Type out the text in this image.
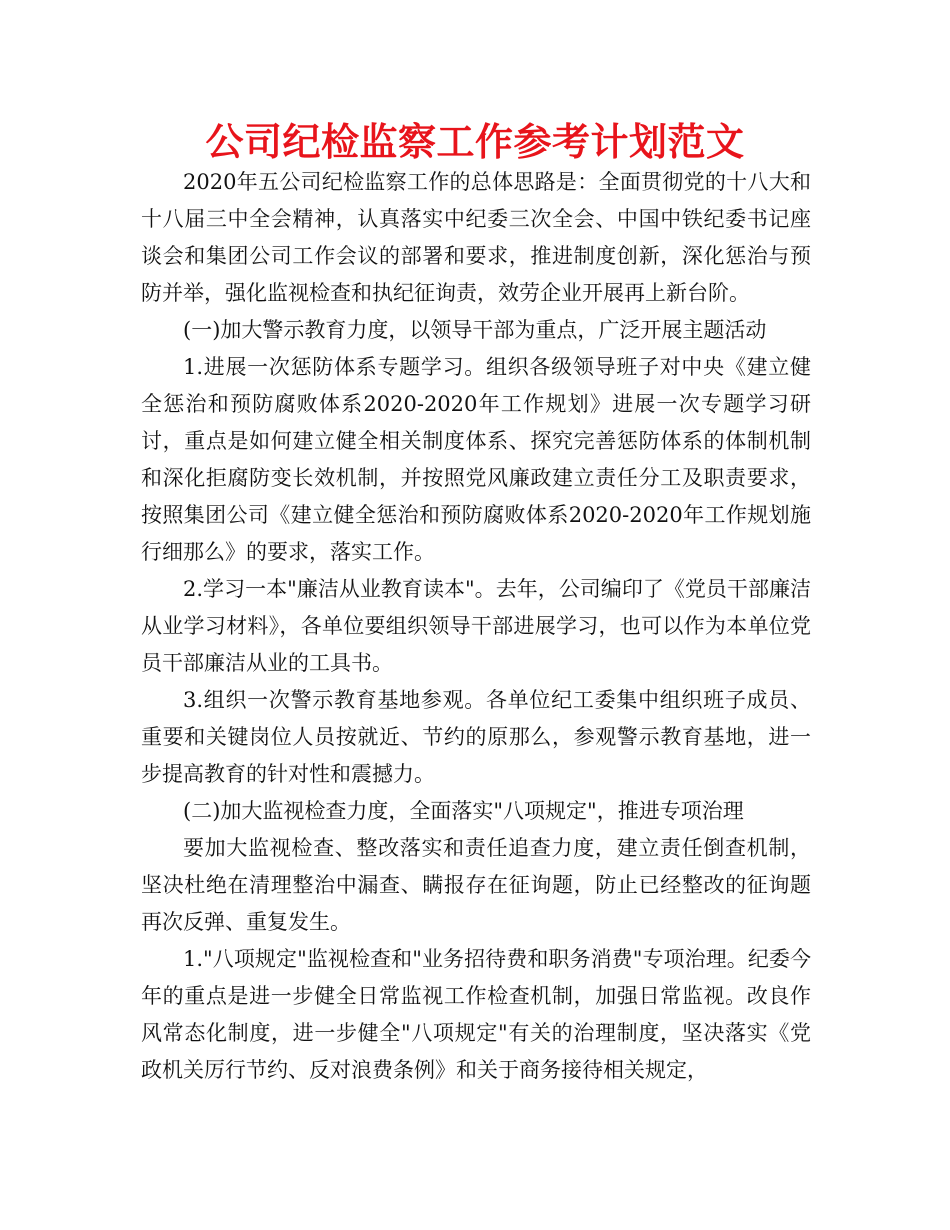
公司纪检监察工作参考计划范文

2020年五公司纪检监察工作的总体思路是：全面贯彻党的十八大和十八届三中全会精神，认真落实中纪委三次全会、中国中铁纪委书记座谈会和集团公司工作会议的部署和要求，推进制度创新，深化惩治与预防并举，强化监视检查和执纪征询责，效劳企业开展再上新台阶。

(一)加大警示教育力度，以领导干部为重点，广泛开展主题活动

1.进展一次惩防体系专题学习。组织各级领导班子对中央《建立健全惩治和预防腐败体系2020-2020年工作规划》进展一次专题学习研讨，重点是如何建立健全相关制度体系、探究完善惩防体系的体制机制和深化拒腐防变长效机制，并按照党风廉政建立责任分工及职责要求，按照集团公司《建立健全惩治和预防腐败体系2020-2020年工作规划施行细那么》的要求，落实工作。

2.学习一本"廉洁从业教育读本"。去年，公司编印了《党员干部廉洁从业学习材料》，各单位要组织领导干部进展学习，也可以作为本单位党员干部廉洁从业的工具书。

3.组织一次警示教育基地参观。各单位纪工委集中组织班子成员、重要和关键岗位人员按就近、节约的原那么，参观警示教育基地，进一步提高教育的针对性和震撼力。

(二)加大监视检查力度，全面落实"八项规定"，推进专项治理

要加大监视检查、整改落实和责任追查力度，建立责任倒查机制，坚决杜绝在清理整治中漏查、瞒报存在征询题，防止已经整改的征询题再次反弹、重复发生。

1."八项规定"监视检查和"业务招待费和职务消费"专项治理。纪委今年的重点是进一步健全日常监视工作检查机制，加强日常监视。改良作风常态化制度，进一步健全"八项规定"有关的治理制度，坚决落实《党政机关厉行节约、反对浪费条例》和关于商务接待相关规定，
